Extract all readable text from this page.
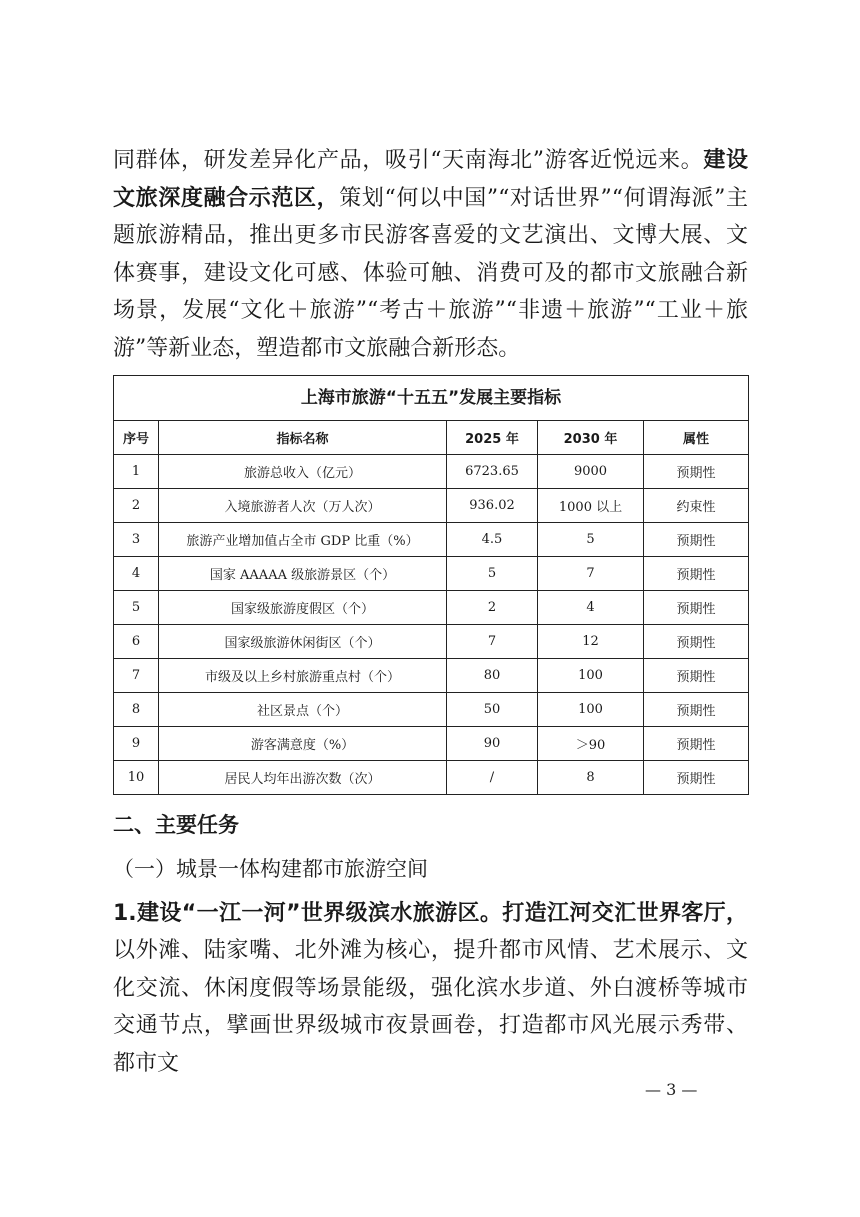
同群体，研发差异化产品，吸引“天南海北”游客近悦远来。建设文旅深度融合示范区，策划“何以中国”“对话世界”“何谓海派”主题旅游精品，推出更多市民游客喜爱的文艺演出、文博大展、文体赛事，建设文化可感、体验可触、消费可及的都市文旅融合新场景，发展“文化＋旅游”“考古＋旅游”“非遗＋旅游”“工业＋旅游”等新业态，塑造都市文旅融合新形态。

上海市旅游“十五五”发展主要指标
序号	指标名称	2025 年	2030 年	属性
1	旅游总收入（亿元）	6723.65	9000	预期性
2	入境旅游者人次（万人次）	936.02	1000 以上	约束性
3	旅游产业增加值占全市 GDP 比重（%）	4.5	5	预期性
4	国家 AAAAA 级旅游景区（个）	5	7	预期性
5	国家级旅游度假区（个）	2	4	预期性
6	国家级旅游休闲街区（个）	7	12	预期性
7	市级及以上乡村旅游重点村（个）	80	100	预期性
8	社区景点（个）	50	100	预期性
9	游客满意度（%）	90	＞90	预期性
10	居民人均年出游次数（次）	/	8	预期性

二、主要任务

（一）城景一体构建都市旅游空间

1.建设“一江一河”世界级滨水旅游区。打造江河交汇世界客厅，以外滩、陆家嘴、北外滩为核心，提升都市风情、艺术展示、文化交流、休闲度假等场景能级，强化滨水步道、外白渡桥等城市交通节点，擘画世界级城市夜景画卷，打造都市风光展示秀带、都市文

— 3 —
